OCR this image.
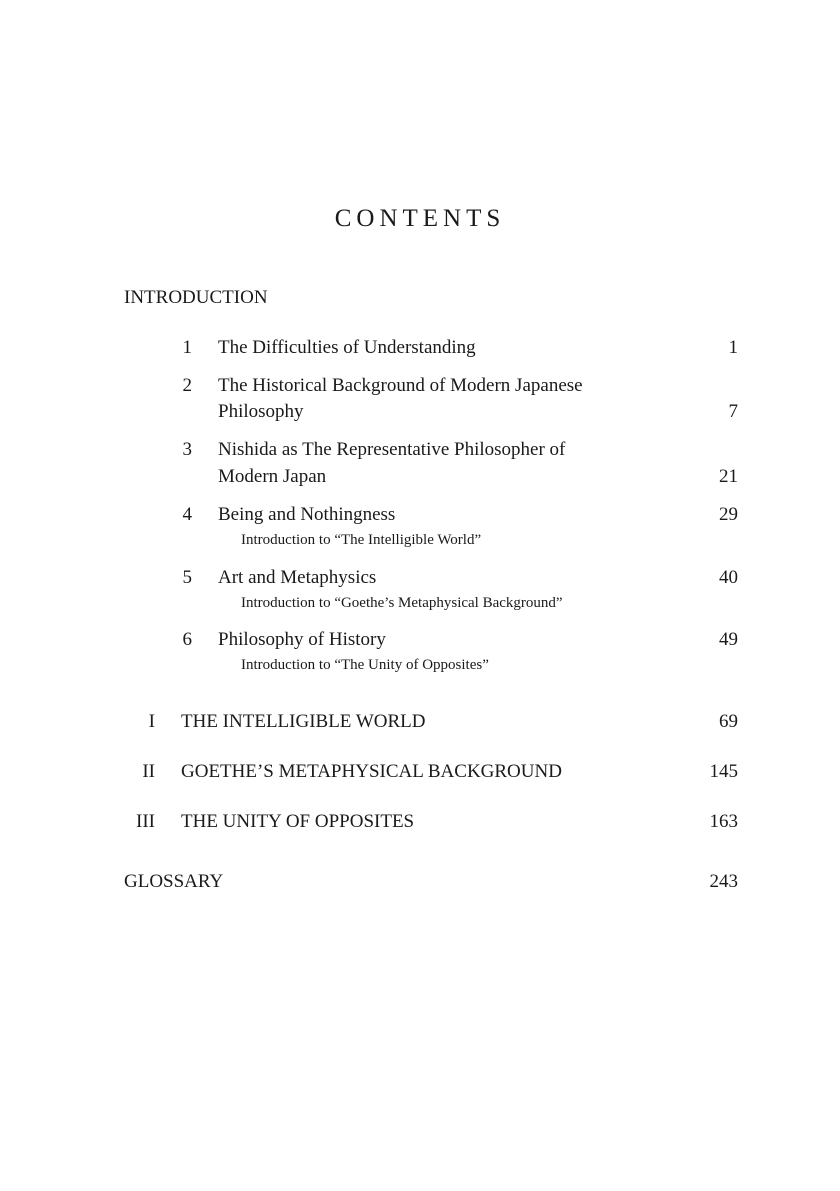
CONTENTS
INTRODUCTION
1 The Difficulties of Understanding	1
2 The Historical Background of Modern Japanese
Philosophy	7
3 Nishida as The Representative Philosopher of
Modern Japan	21
4 Being and Nothingness	29
Introduction to “The Intelligible World”
5 Art and Metaphysics	40
Introduction to “Goethe’s Metaphysical Background”
6 Philosophy of History	49
Introduction to “The Unity of Opposites”
I THE INTELLIGIBLE WORLD	69
II GOETHE’S METAPHYSICAL BACKGROUND	145
III THE UNITY OF OPPOSITES	163
GLOSSARY	243
